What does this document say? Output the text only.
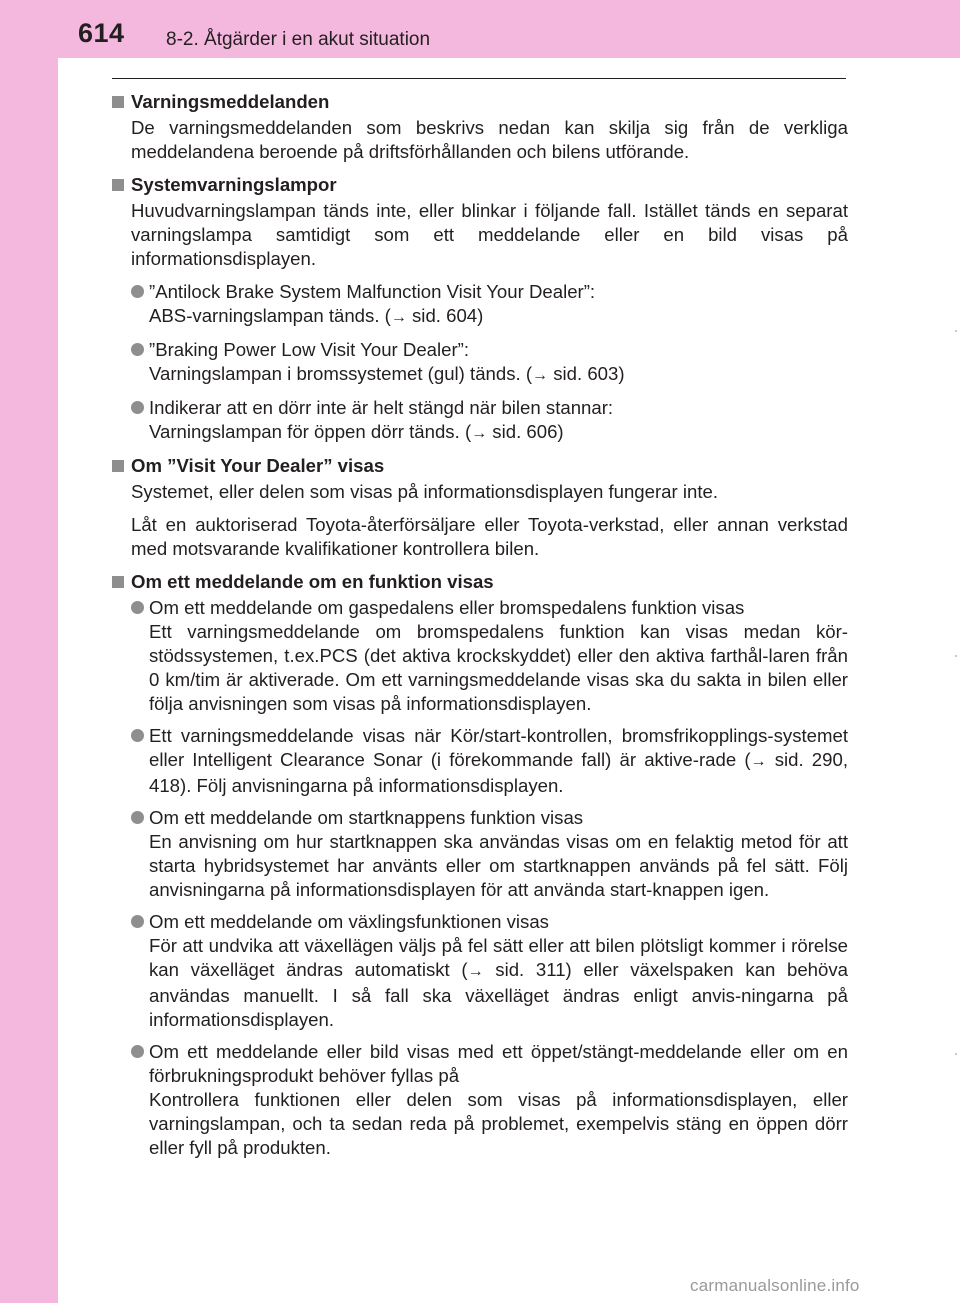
614 8-2. Åtgärder i en akut situation
Varningsmeddelanden

De varningsmeddelanden som beskrivs nedan kan skilja sig från de verkliga meddelandena beroende på driftsförhållanden och bilens utförande.

Systemvarningslampor

Huvudvarningslampan tänds inte, eller blinkar i följande fall. Istället tänds en separat varningslampa samtidigt som ett meddelande eller en bild visas på informationsdisplayen.

”Antilock Brake System Malfunction Visit Your Dealer”:
ABS-varningslampan tänds. (→ sid. 604)
”Braking Power Low Visit Your Dealer”:
Varningslampan i bromssystemet (gul) tänds. (→ sid. 603)
Indikerar att en dörr inte är helt stängd när bilen stannar:
Varningslampan för öppen dörr tänds. (→ sid. 606)
Om ”Visit Your Dealer” visas

Systemet, eller delen som visas på informationsdisplayen fungerar inte.

Låt en auktoriserad Toyota-återförsäljare eller Toyota-verkstad, eller annan verkstad med motsvarande kvalifikationer kontrollera bilen.

Om ett meddelande om en funktion visas
Om ett meddelande om gaspedalens eller bromspedalens funktion visas
Ett varningsmeddelande om bromspedalens funktion kan visas medan kör-stödssystemen, t.ex.PCS (det aktiva krockskyddet) eller den aktiva farthål-laren från 0 km/tim är aktiverade. Om ett varningsmeddelande visas ska du sakta in bilen eller följa anvisningen som visas på informationsdisplayen.
Ett varningsmeddelande visas när Kör/start-kontrollen, bromsfrikopplings-systemet eller Intelligent Clearance Sonar (i förekommande fall) är aktive-rade (→ sid. 290, 418). Följ anvisningarna på informationsdisplayen.
Om ett meddelande om startknappens funktion visas
En anvisning om hur startknappen ska användas visas om en felaktig metod för att starta hybridsystemet har använts eller om startknappen används på fel sätt. Följ anvisningarna på informationsdisplayen för att använda start-knappen igen.
Om ett meddelande om växlingsfunktionen visas
För att undvika att växellägen väljs på fel sätt eller att bilen plötsligt kommer i rörelse kan växelläget ändras automatiskt (→ sid. 311) eller växelspaken kan behöva användas manuellt. I så fall ska växelläget ändras enligt anvis-ningarna på informationsdisplayen.
Om ett meddelande eller bild visas med ett öppet/stängt-meddelande eller om en förbrukningsprodukt behöver fyllas på
Kontrollera funktionen eller delen som visas på informationsdisplayen, eller varningslampan, och ta sedan reda på problemet, exempelvis stäng en öppen dörr eller fyll på produkten.
carmanualsonline.info
